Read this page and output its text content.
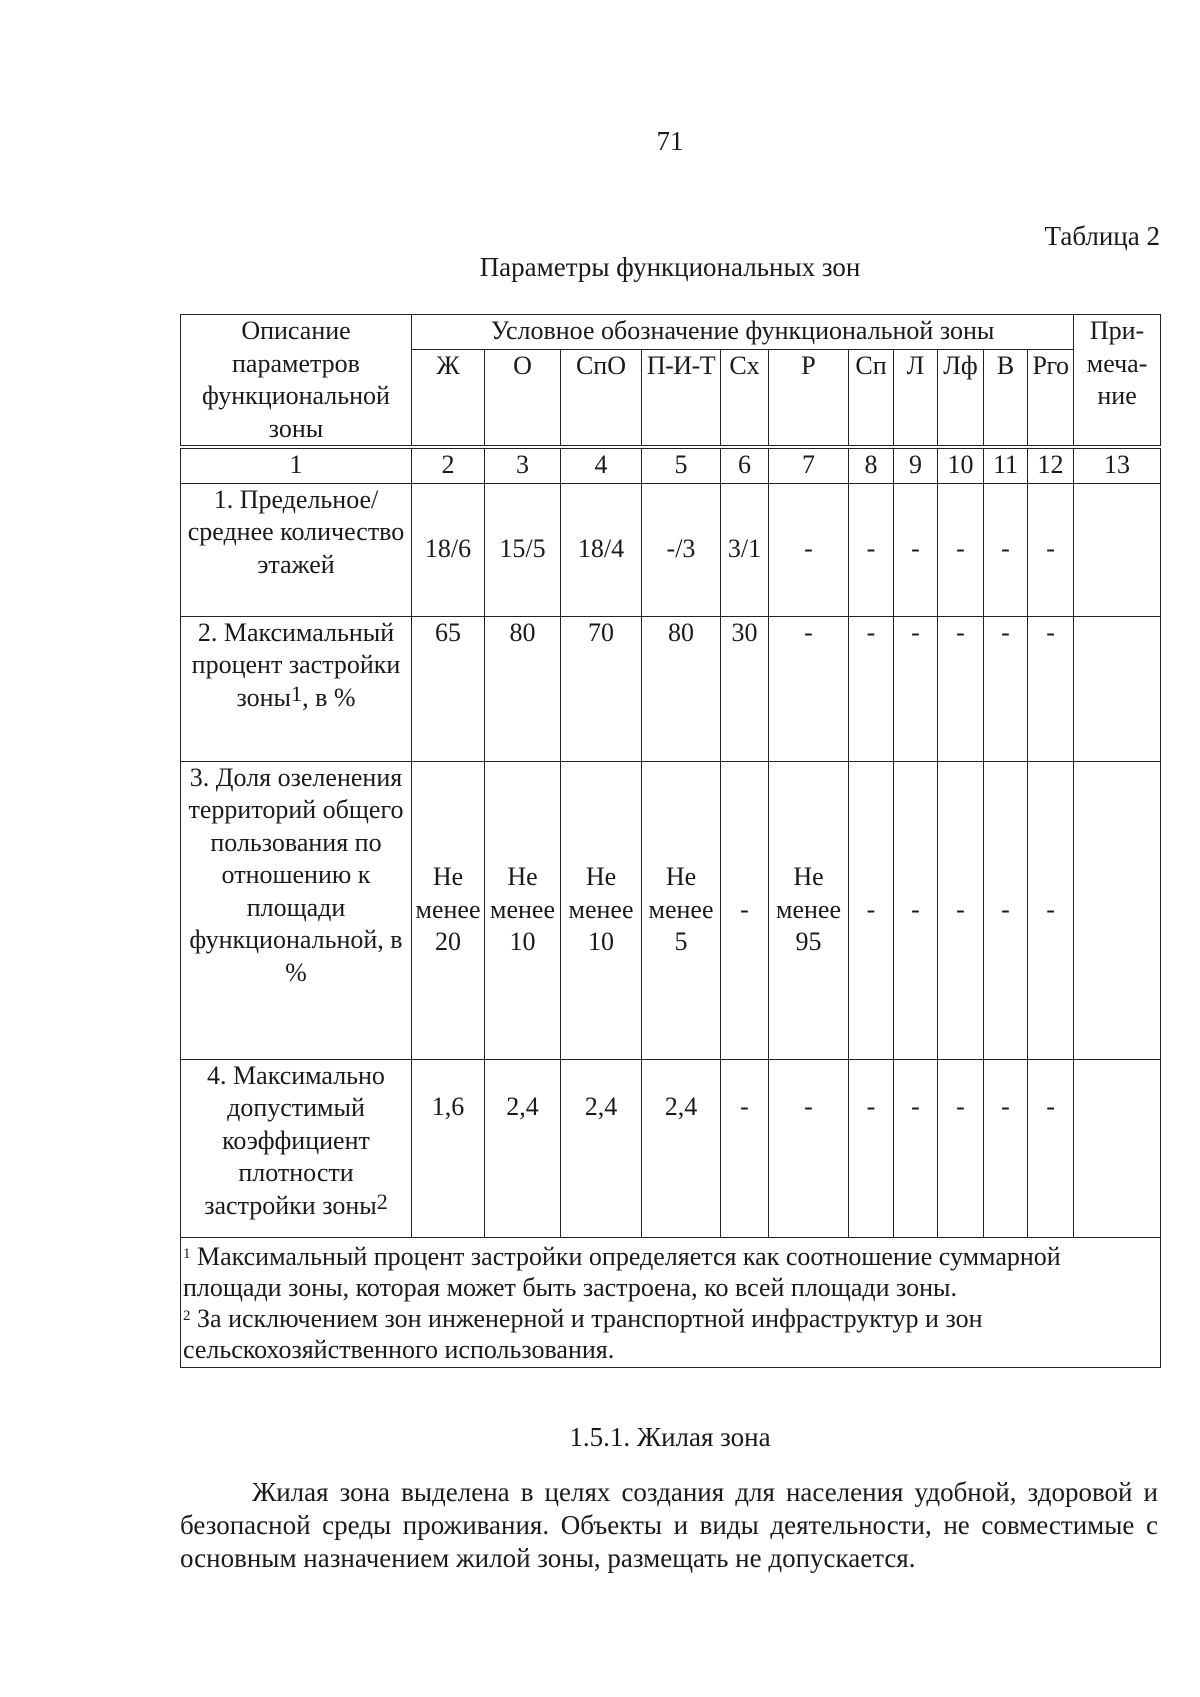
71
Таблица 2
Параметры функциональных зон
Описание параметров функциональной зоны	Условное обозначение функциональной зоны											При-меча-ние
	Ж	О	СпО	П-И-Т	Сх	Р	Сп	Л	Лф	В	Рго	
1	2	3	4	5	6	7	8	9	10	11	12	13
1. Предельное/ среднее количество этажей	18/6	15/5	18/4	-/3	3/1	-	-	-	-	-	-	
2. Максимальный процент застройки зоны1, в %	65	80	70	80	30	-	-	-	-	-	-	
3. Доля озеленения территорий общего пользования по отношению к площади функциональной, в %	Не менее 20	Не менее 10	Не менее 10	Не менее 5	-	Не менее 95	-	-	-	-	-	
4. Максимально допустимый коэффициент плотности застройки зоны2	1,6	2,4	2,4	2,4	-	-	-	-	-	-	-	

$^1$ Максимальный процент застройки определяется как соотношение суммарной площади зоны, которая может быть застроена, ко всей площади зоны.
$^2$ За исключением зон инженерной и транспортной инфраструктур и зон сельскохозяйственного использования.												
1.5.1. Жилая зона

Жилая зона выделена в целях создания для населения удобной, здоровой и безопасной среды проживания. Объекты и виды деятельности, не совместимые с основным назначением жилой зоны, размещать не допускается.
